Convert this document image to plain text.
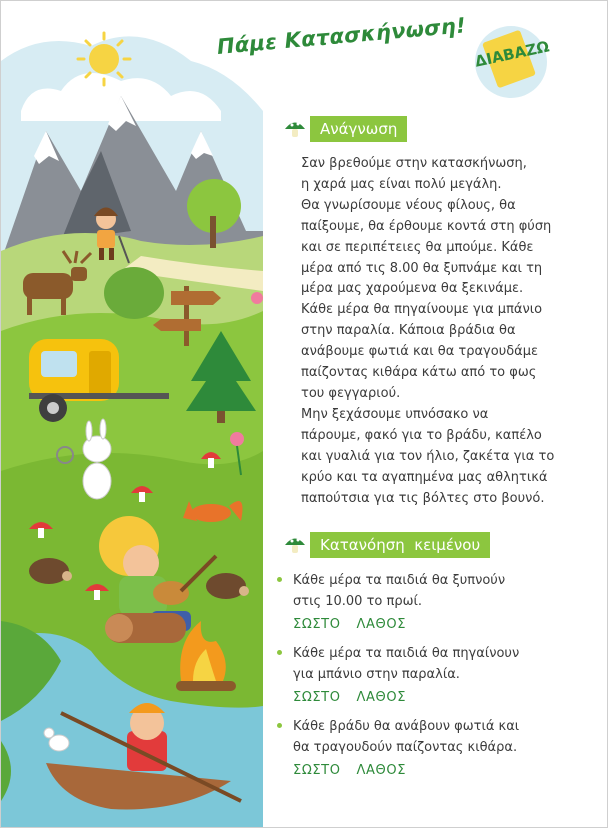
Πάμε Κατασκήνωση! ΔΙΑΒΑΖΩ
Ανάγνωση

Σαν βρεθούμε στην κατασκήνωση,

η χαρά μας είναι πολύ μεγάλη.

Θα γνωρίσουμε νέους φίλους, θα

παίξουμε, θα έρθουμε κοντά στη φύση

και σε περιπέτειες θα μπούμε. Κάθε

μέρα από τις 8.00 θα ξυπνάμε και τη

μέρα μας χαρούμενα θα ξεκινάμε.

Κάθε μέρα θα πηγαίνουμε για μπάνιο

στην παραλία. Κάποια βράδια θα

ανάβουμε φωτιά και θα τραγουδάμε

παίζοντας κιθάρα κάτω από το φως

του φεγγαριού.

Μην ξεχάσουμε υπνόσακο να

πάρουμε, φακό για το βράδυ, καπέλο

και γυαλιά για τον ήλιο, ζακέτα για το

κρύο και τα αγαπημένα μας αθλητικά

παπούτσια για τις βόλτες στο βουνό.

Κατανόηση  κειμένου
Κάθε μέρα τα παιδιά θα ξυπνούν
στις 10.00 το πρωί.
ΣΩΣΤΟ ΛΑΘΟΣ
Κάθε μέρα τα παιδιά θα πηγαίνουν
για μπάνιο στην παραλία.
ΣΩΣΤΟ ΛΑΘΟΣ
Κάθε βράδυ θα ανάβουν φωτιά και
θα τραγουδούν παίζοντας κιθάρα.
ΣΩΣΤΟ ΛΑΘΟΣ
